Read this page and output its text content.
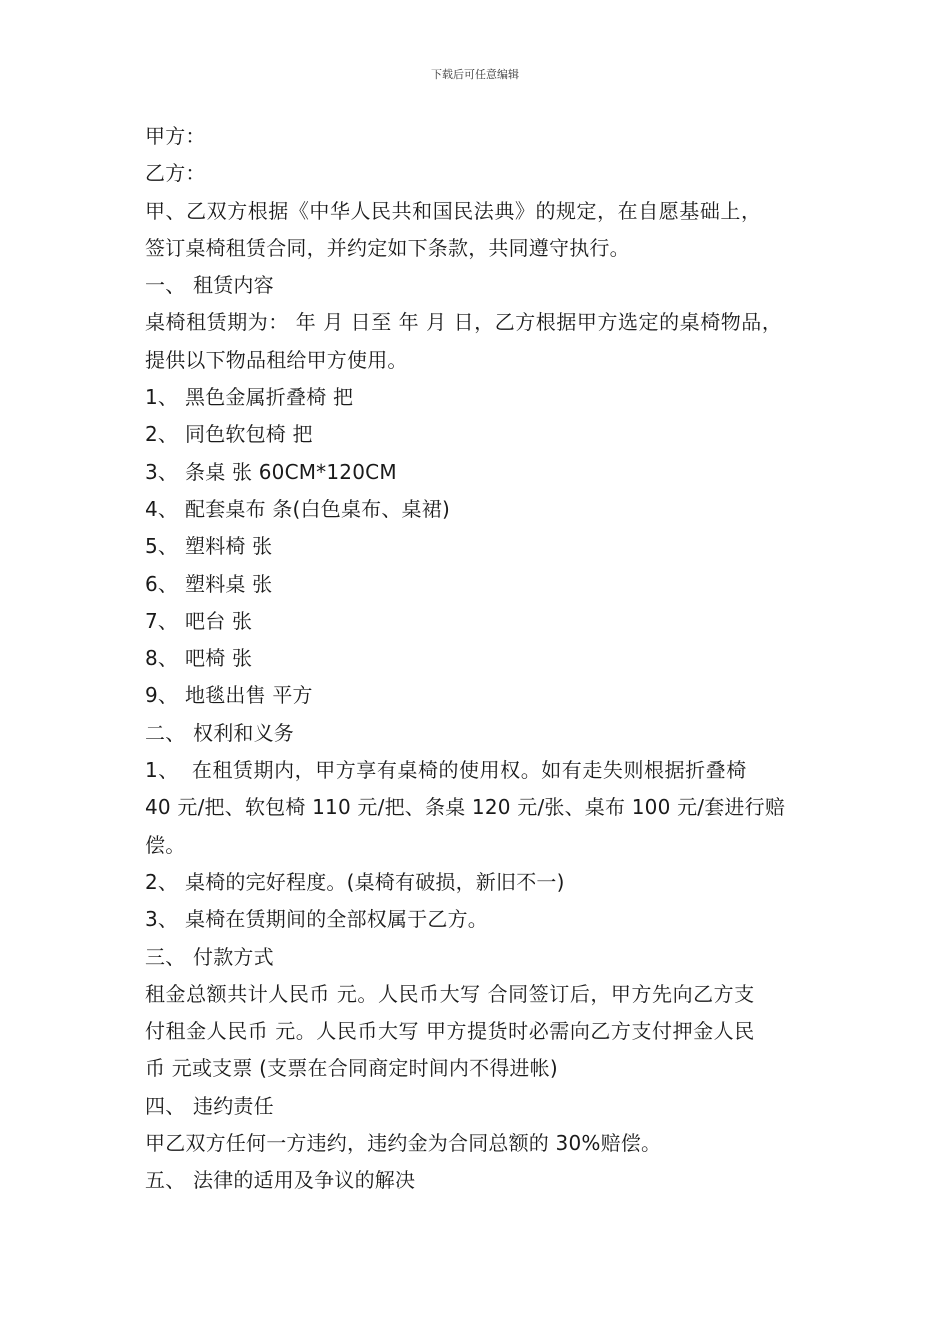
下载后可任意编辑
甲方：
乙方：
甲、乙双方根据《中华人民共和国民法典》的规定，在自愿基础上，
签订桌椅租赁合同，并约定如下条款，共同遵守执行。
一、 租赁内容
桌椅租赁期为： 年 月 日至 年 月 日，乙方根据甲方选定的桌椅物品，
提供以下物品租给甲方使用。
1、 黑色金属折叠椅 把
2、 同色软包椅 把
3、 条桌 张 60CM*120CM
4、 配套桌布 条(白色桌布、桌裙)
5、 塑料椅 张
6、 塑料桌 张
7、 吧台 张
8、 吧椅 张
9、 地毯出售 平方
二、 权利和义务
1、 在租赁期内，甲方享有桌椅的使用权。如有走失则根据折叠椅
40 元/把、软包椅 110 元/把、条桌 120 元/张、桌布 100 元/套进行赔
偿。
2、 桌椅的完好程度。(桌椅有破损，新旧不一)
3、 桌椅在赁期间的全部权属于乙方。
三、 付款方式
租金总额共计人民币 元。人民币大写 合同签订后，甲方先向乙方支
付租金人民币 元。人民币大写 甲方提货时必需向乙方支付押金人民
币 元或支票 (支票在合同商定时间内不得进帐)
四、 违约责任
甲乙双方任何一方违约，违约金为合同总额的 30%赔偿。
五、 法律的适用及争议的解决
